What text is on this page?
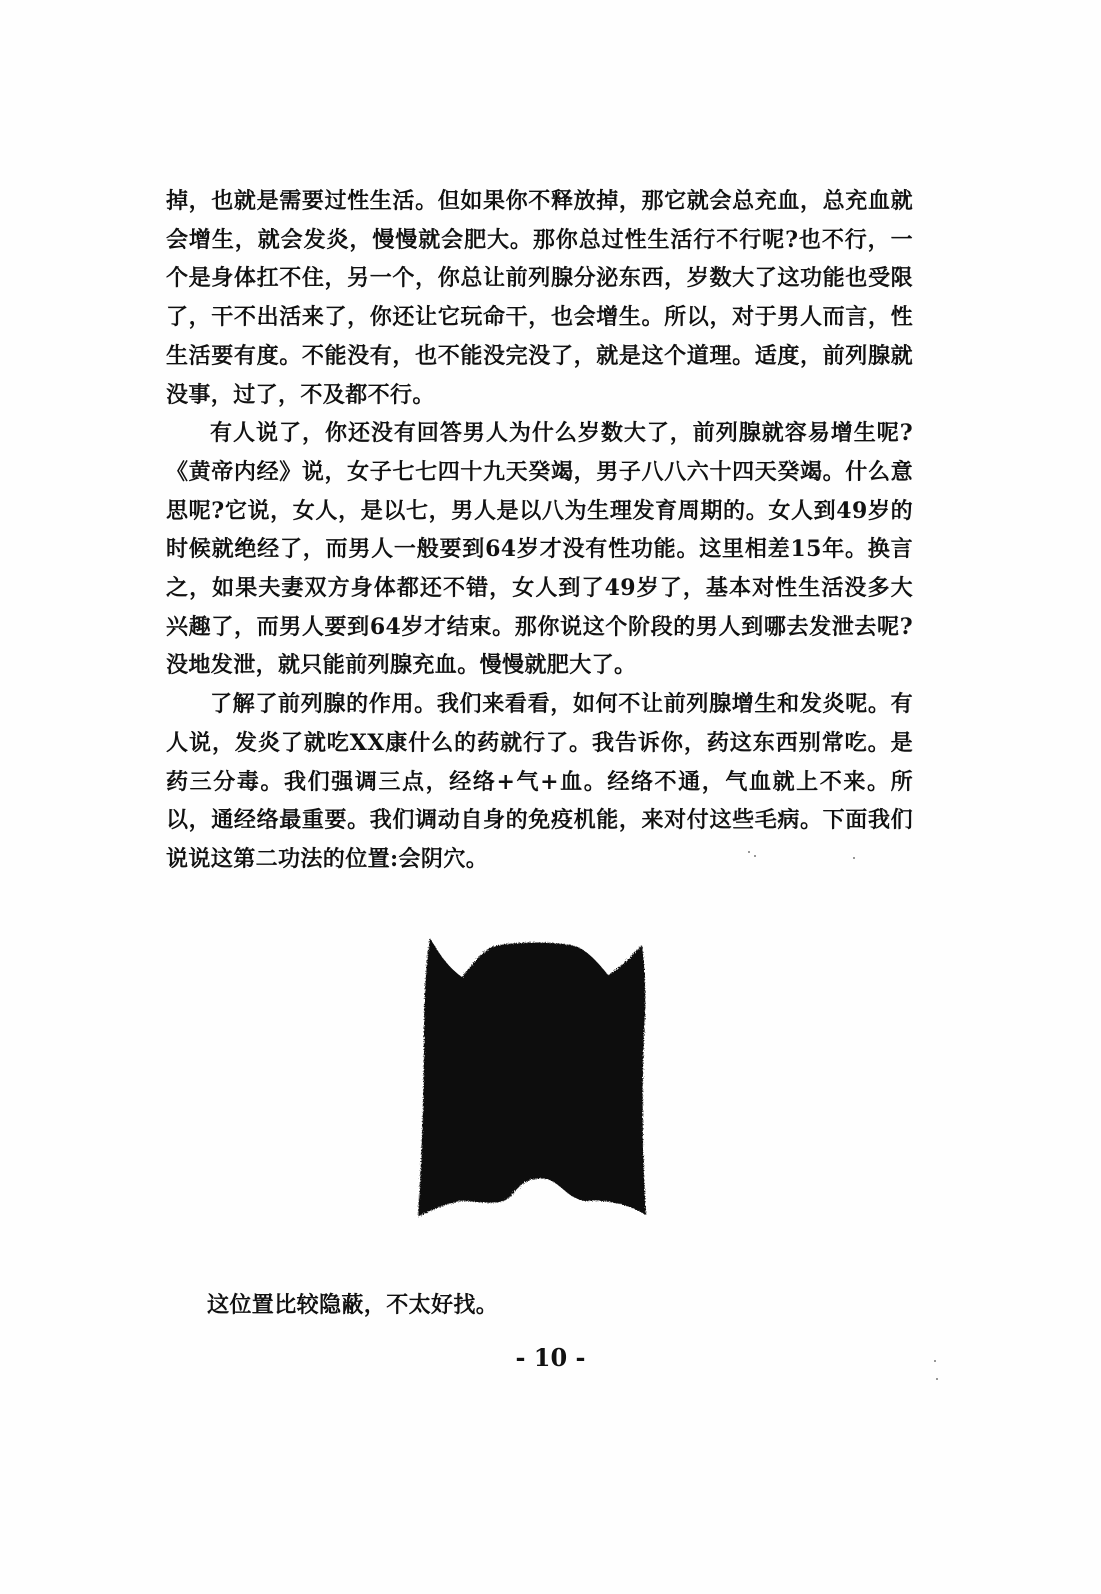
掉，也就是需要过性生活。但如果你不释放掉，那它就会总充血，总充血就会增生，就会发炎，慢慢就会肥大。那你总过性生活行不行呢?也不行，一个是身体扛不住，另一个，你总让前列腺分泌东西，岁数大了这功能也受限了，干不出活来了，你还让它玩命干，也会增生。所以，对于男人而言，性生活要有度。不能没有，也不能没完没了，就是这个道理。适度，前列腺就没事，过了，不及都不行。

有人说了，你还没有回答男人为什么岁数大了，前列腺就容易增生呢?《黄帝内经》说，女子七七四十九天癸竭，男子八八六十四天癸竭。什么意思呢?它说，女人，是以七，男人是以八为生理发育周期的。女人到49岁的时候就绝经了，而男人一般要到64岁才没有性功能。这里相差15年。换言之，如果夫妻双方身体都还不错，女人到了49岁了，基本对性生活没多大兴趣了，而男人要到64岁才结束。那你说这个阶段的男人到哪去发泄去呢?没地发泄，就只能前列腺充血。慢慢就肥大了。

了解了前列腺的作用。我们来看看，如何不让前列腺增生和发炎呢。有人说，发炎了就吃XX康什么的药就行了。我告诉你，药这东西别常吃。是药三分毒。我们强调三点，经络+气+血。经络不通，气血就上不来。所以，通经络最重要。我们调动自身的免疫机能，来对付这些毛病。下面我们说说这第二功法的位置:会阴穴。

这位置比较隐蔽，不太好找。

- 10 -
